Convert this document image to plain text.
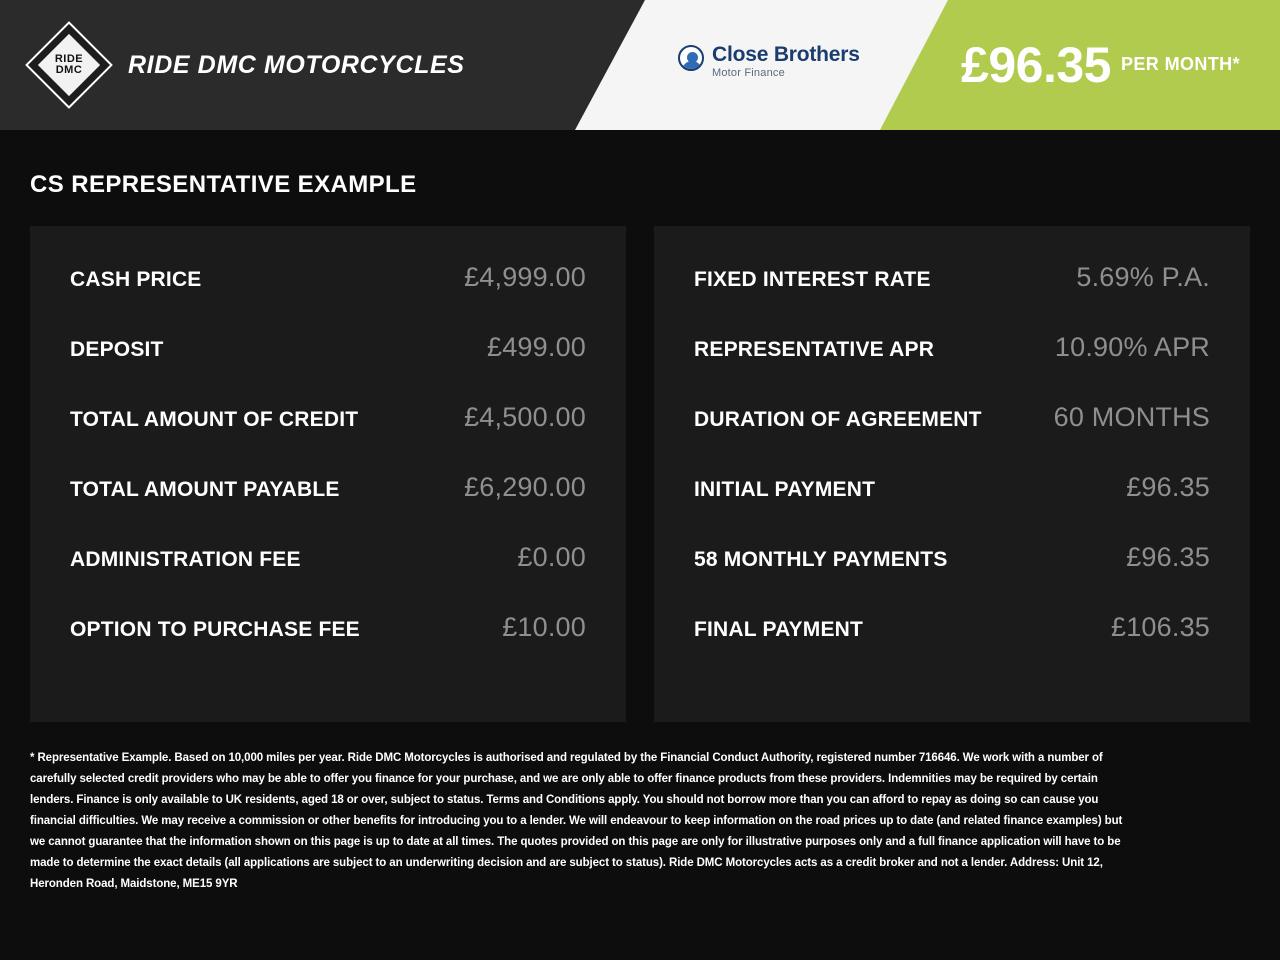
RIDE
DMC RIDE DMC MOTORCYCLES	Close Brothers
Motor Finance	£96.35 PER MONTH*
CS REPRESENTATIVE EXAMPLE
CASH PRICE	£4,999.00
DEPOSIT	£499.00
TOTAL AMOUNT OF CREDIT	£4,500.00
TOTAL AMOUNT PAYABLE	£6,290.00
ADMINISTRATION FEE	£0.00
OPTION TO PURCHASE FEE	£10.00
FIXED INTEREST RATE	5.69% P.A.
REPRESENTATIVE APR	10.90% APR
DURATION OF AGREEMENT	60 MONTHS
INITIAL PAYMENT	£96.35
58 MONTHLY PAYMENTS	£96.35
FINAL PAYMENT	£106.35
* Representative Example. Based on 10,000 miles per year. Ride DMC Motorcycles is authorised and regulated by the Financial Conduct Authority, registered number 716646. We work with a number of carefully selected credit providers who may be able to offer you finance for your purchase, and we are only able to offer finance products from these providers. Indemnities may be required by certain lenders. Finance is only available to UK residents, aged 18 or over, subject to status. Terms and Conditions apply. You should not borrow more than you can afford to repay as doing so can cause you financial difficulties. We may receive a commission or other benefits for introducing you to a lender. We will endeavour to keep information on the road prices up to date (and related finance examples) but we cannot guarantee that the information shown on this page is up to date at all times. The quotes provided on this page are only for illustrative purposes only and a full finance application will have to be made to determine the exact details (all applications are subject to an underwriting decision and are subject to status). Ride DMC Motorcycles acts as a credit broker and not a lender. Address: Unit 12, Heronden Road, Maidstone, ME15 9YR
